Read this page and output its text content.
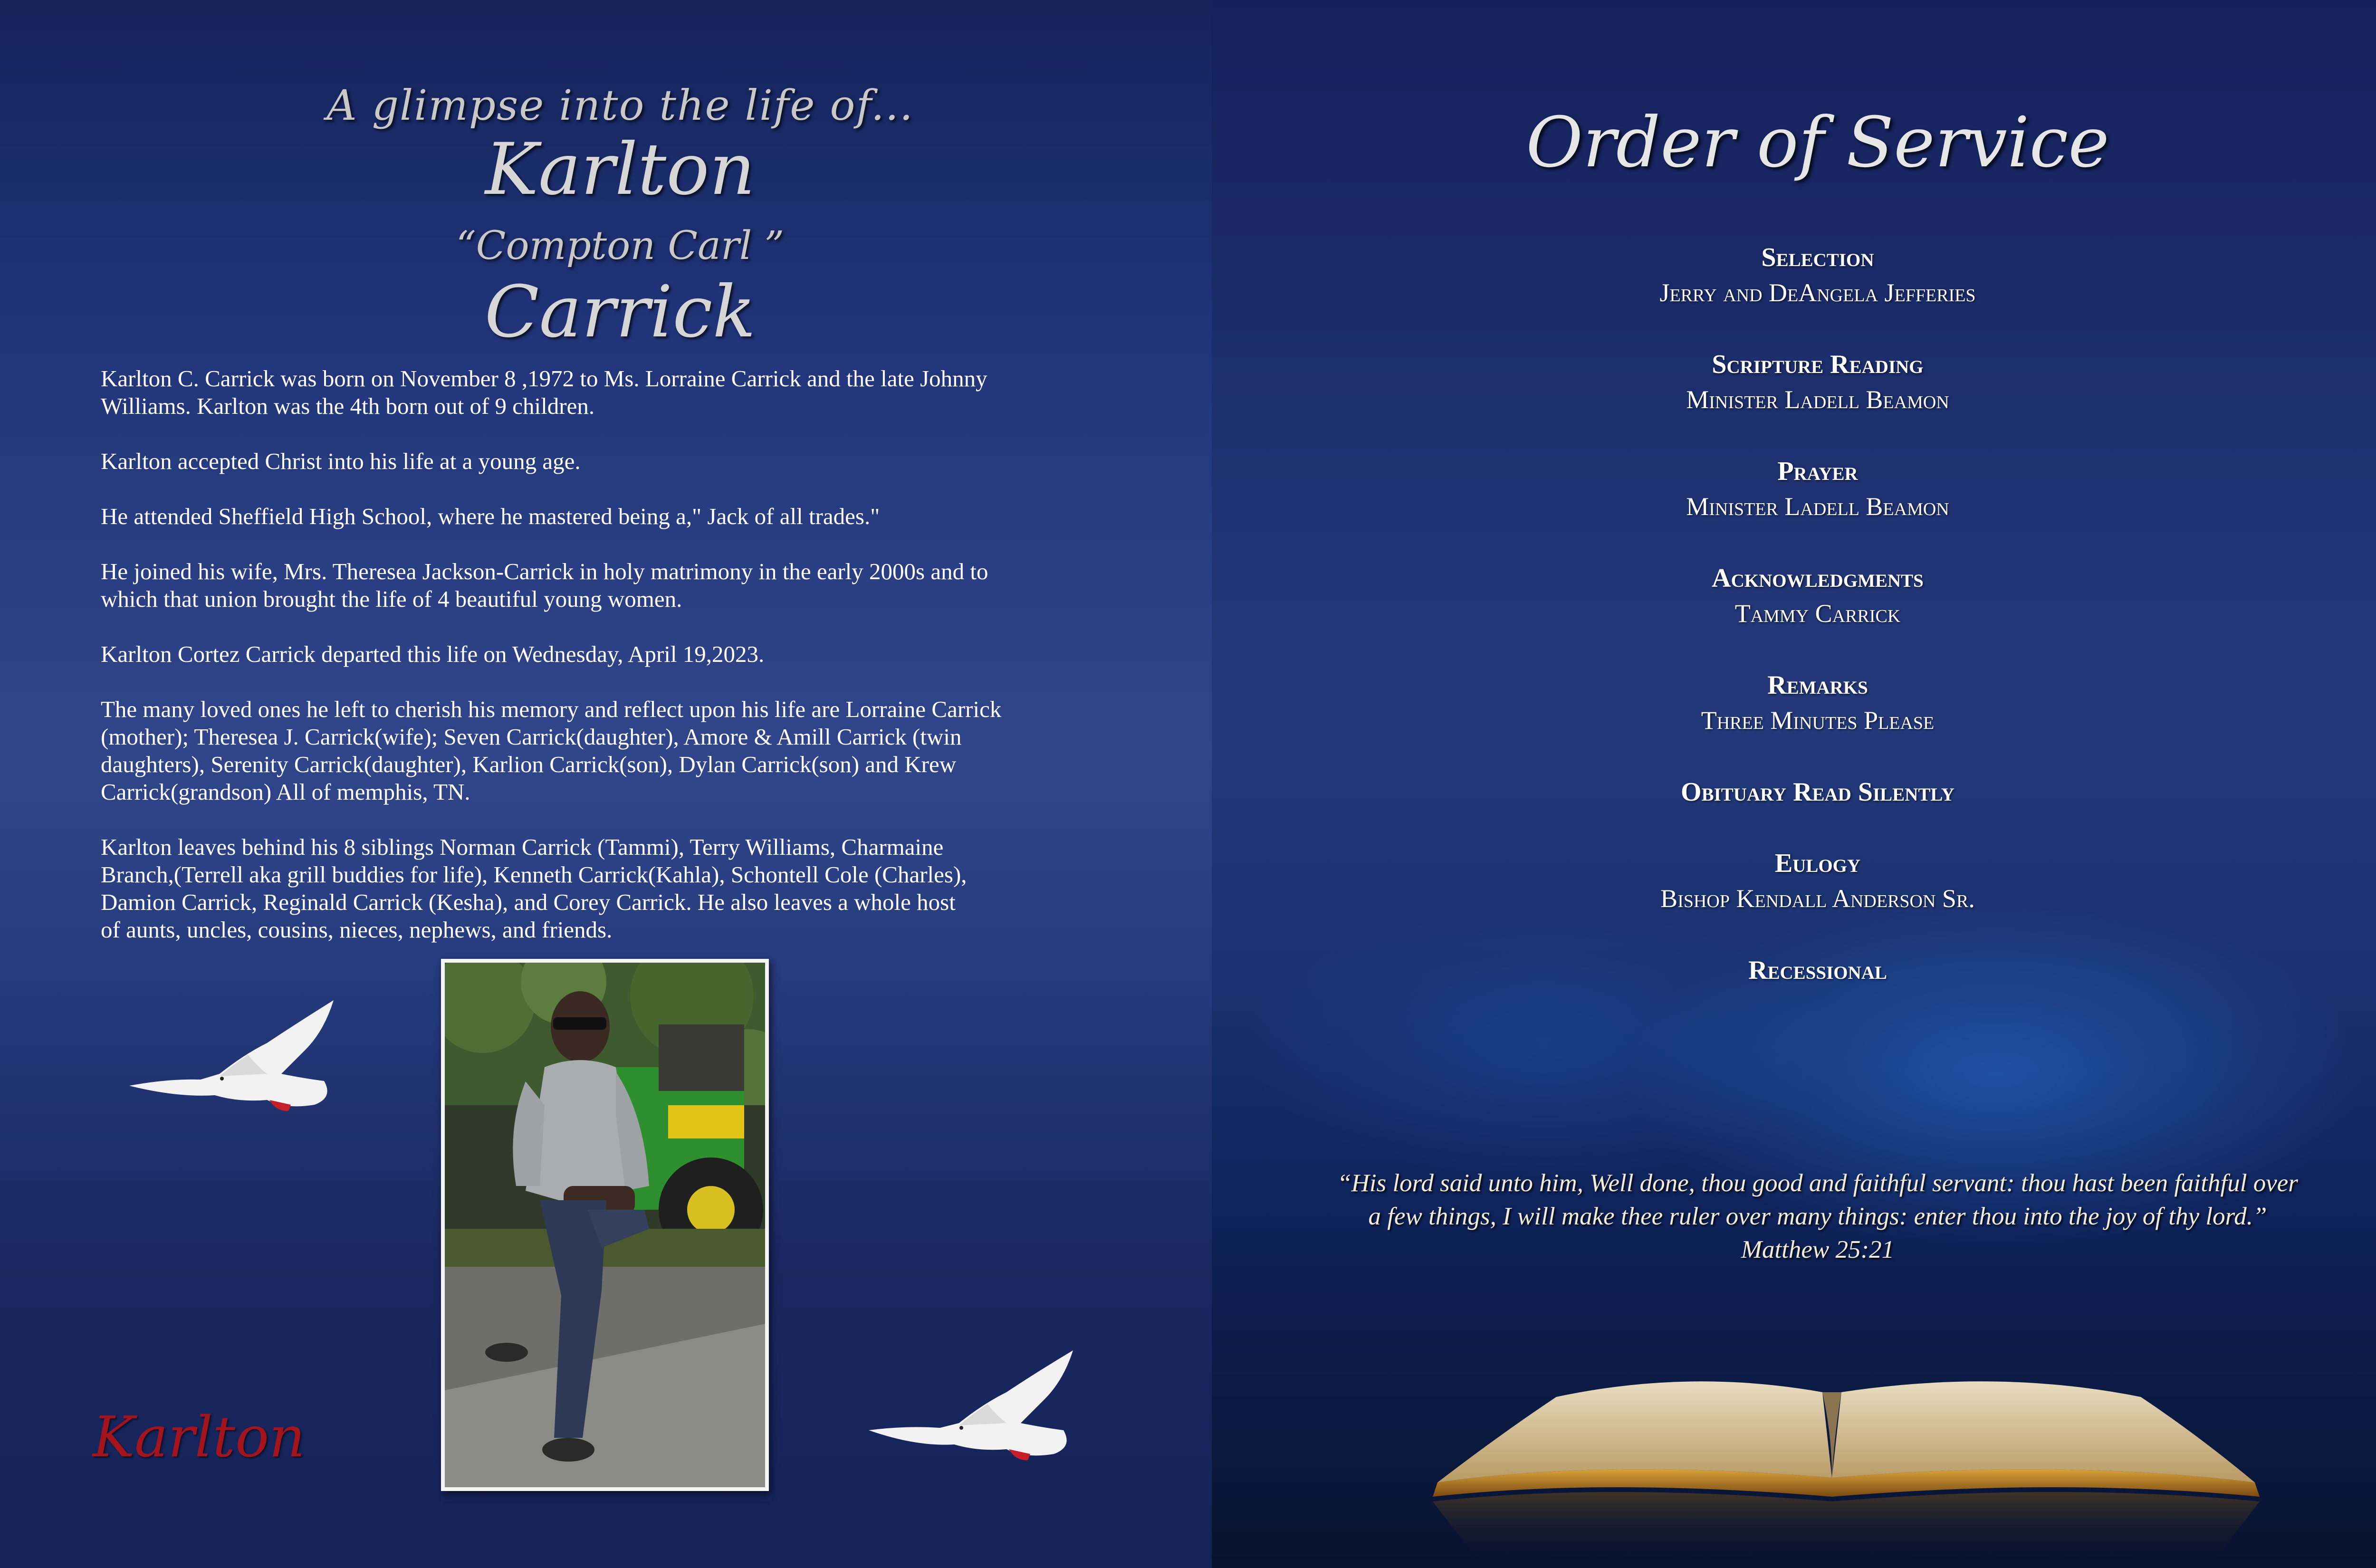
A glimpse into the life of...
Karlton
“Compton Carl ”
Carrick

Karlton C. Carrick was born on November 8 ,1972 to Ms. Lorraine Carrick and the late Johnny
Williams. Karlton was the 4th born out of 9 children.

Karlton accepted Christ into his life at a young age.

He attended Sheffield High School, where he mastered being a," Jack of all trades."

He joined his wife, Mrs. Theresea Jackson-Carrick in holy matrimony in the early 2000s and to
which that union brought the life of 4 beautiful young women.

Karlton Cortez Carrick departed this life on Wednesday, April 19,2023.

The many loved ones he left to cherish his memory and reflect upon his life are Lorraine Carrick
(mother); Theresea J. Carrick(wife); Seven Carrick(daughter), Amore & Amill Carrick (twin
daughters), Serenity Carrick(daughter), Karlion Carrick(son), Dylan Carrick(son) and Krew
Carrick(grandson) All of memphis, TN.

Karlton leaves behind his 8 siblings Norman Carrick (Tammi), Terry Williams, Charmaine
Branch,(Terrell aka grill buddies for life), Kenneth Carrick(Kahla), Schontell Cole (Charles),
Damion Carrick, Reginald Carrick (Kesha), and Corey Carrick. He also leaves a whole host
of aunts, uncles, cousins, nieces, nephews, and friends.

Karlton
Order of Service
Selection
Jerry and DeAngela Jefferies
Scripture Reading
Minister Ladell Beamon
Prayer
Minister Ladell Beamon
Acknowledgments
Tammy Carrick
Remarks
Three Minutes Please
Obituary Read Silently
Eulogy
Bishop Kendall Anderson Sr.
Recessional
“His lord said unto him, Well done, thou good and faithful servant: thou hast been faithful over a few things, I will make thee ruler over many things: enter thou into the joy of thy lord.”
Matthew 25:21
